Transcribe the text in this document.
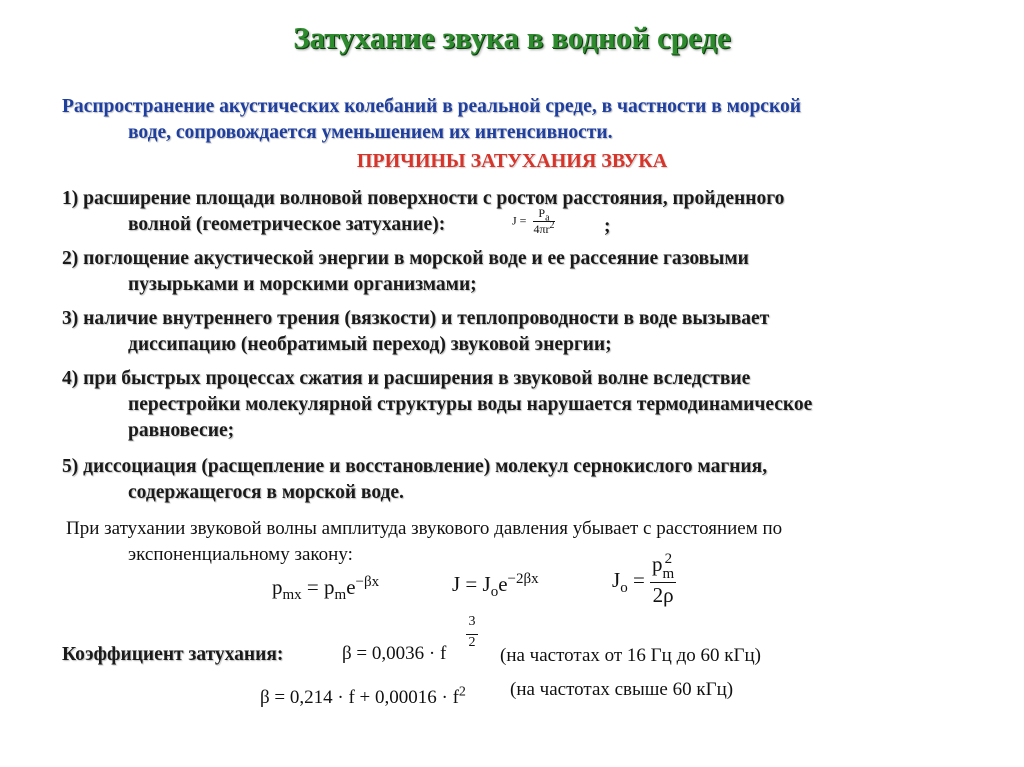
Затухание звука в водной среде
Распространение акустических колебаний в реальной среде, в частности в морской
воде, сопровождается уменьшением их интенсивности.
ПРИЧИНЫ ЗАТУХАНИЯ ЗВУКА
1) расширение площади волновой поверхности с ростом расстояния, пройденного
волной (геометрическое затухание):	$J = \frac{P_a}{4\pi r^2}$	;
2) поглощение акустической энергии в морской воде и ее рассеяние газовыми
пузырьками и морскими организмами;
3) наличие внутреннего трения (вязкости) и теплопроводности в воде вызывает
диссипацию (необратимый переход) звуковой энергии;
4) при быстрых процессах сжатия и расширения в звуковой волне вследствие
перестройки молекулярной структуры воды нарушается термодинамическое
равновесие;
5) диссоциация (расщепление и восстановление) молекул сернокислого магния,
содержащегося в морской воде.
При затухании звуковой волны амплитуда звукового давления убывает с расстоянием по
экспоненциальному закону:
$p_{mx} = p_me^{-\beta x}$	$J = J_oe^{-2\beta x}$	$J_o = p$ 2
m
2ρ
Коэффициент затухания:	β = 0,0036 · f
$\frac{3}{2}$
(на частотах от 16 Гц до 60 кГц)
$\beta = 0,214 \cdot f + 0,00016 \cdot f^2$ (на частотах свыше 60 кГц)
